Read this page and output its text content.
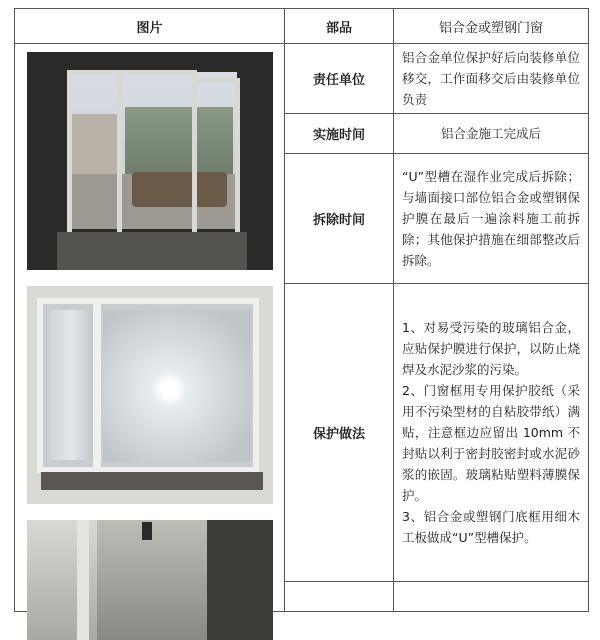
图片	部品	铝合金或塑钢门窗

	责任单位	铝合金单位保护好后向装修单位移交，工作面移交后由装修单位负责
	实施时间	铝合金施工完成后
	拆除时间	“U”型槽在湿作业完成后拆除；与墙面接口部位铝合金或塑钢保护膜在最后一遍涂料施工前拆除；其他保护措施在细部整改后拆除。
	保护做法	1、对易受污染的玻璃铝合金，应贴保护膜进行保护，以防止烧焊及水泥沙浆的污染。
2、门窗框用专用保护胶纸（采用不污染型材的自粘胶带纸）满贴，注意框边应留出 10mm 不封贴以利于密封胶密封或水泥砂浆的嵌固。玻璃粘贴塑料薄膜保护。
3、铝合金或塑钢门底框用细木工板做成“U”型槽保护。
